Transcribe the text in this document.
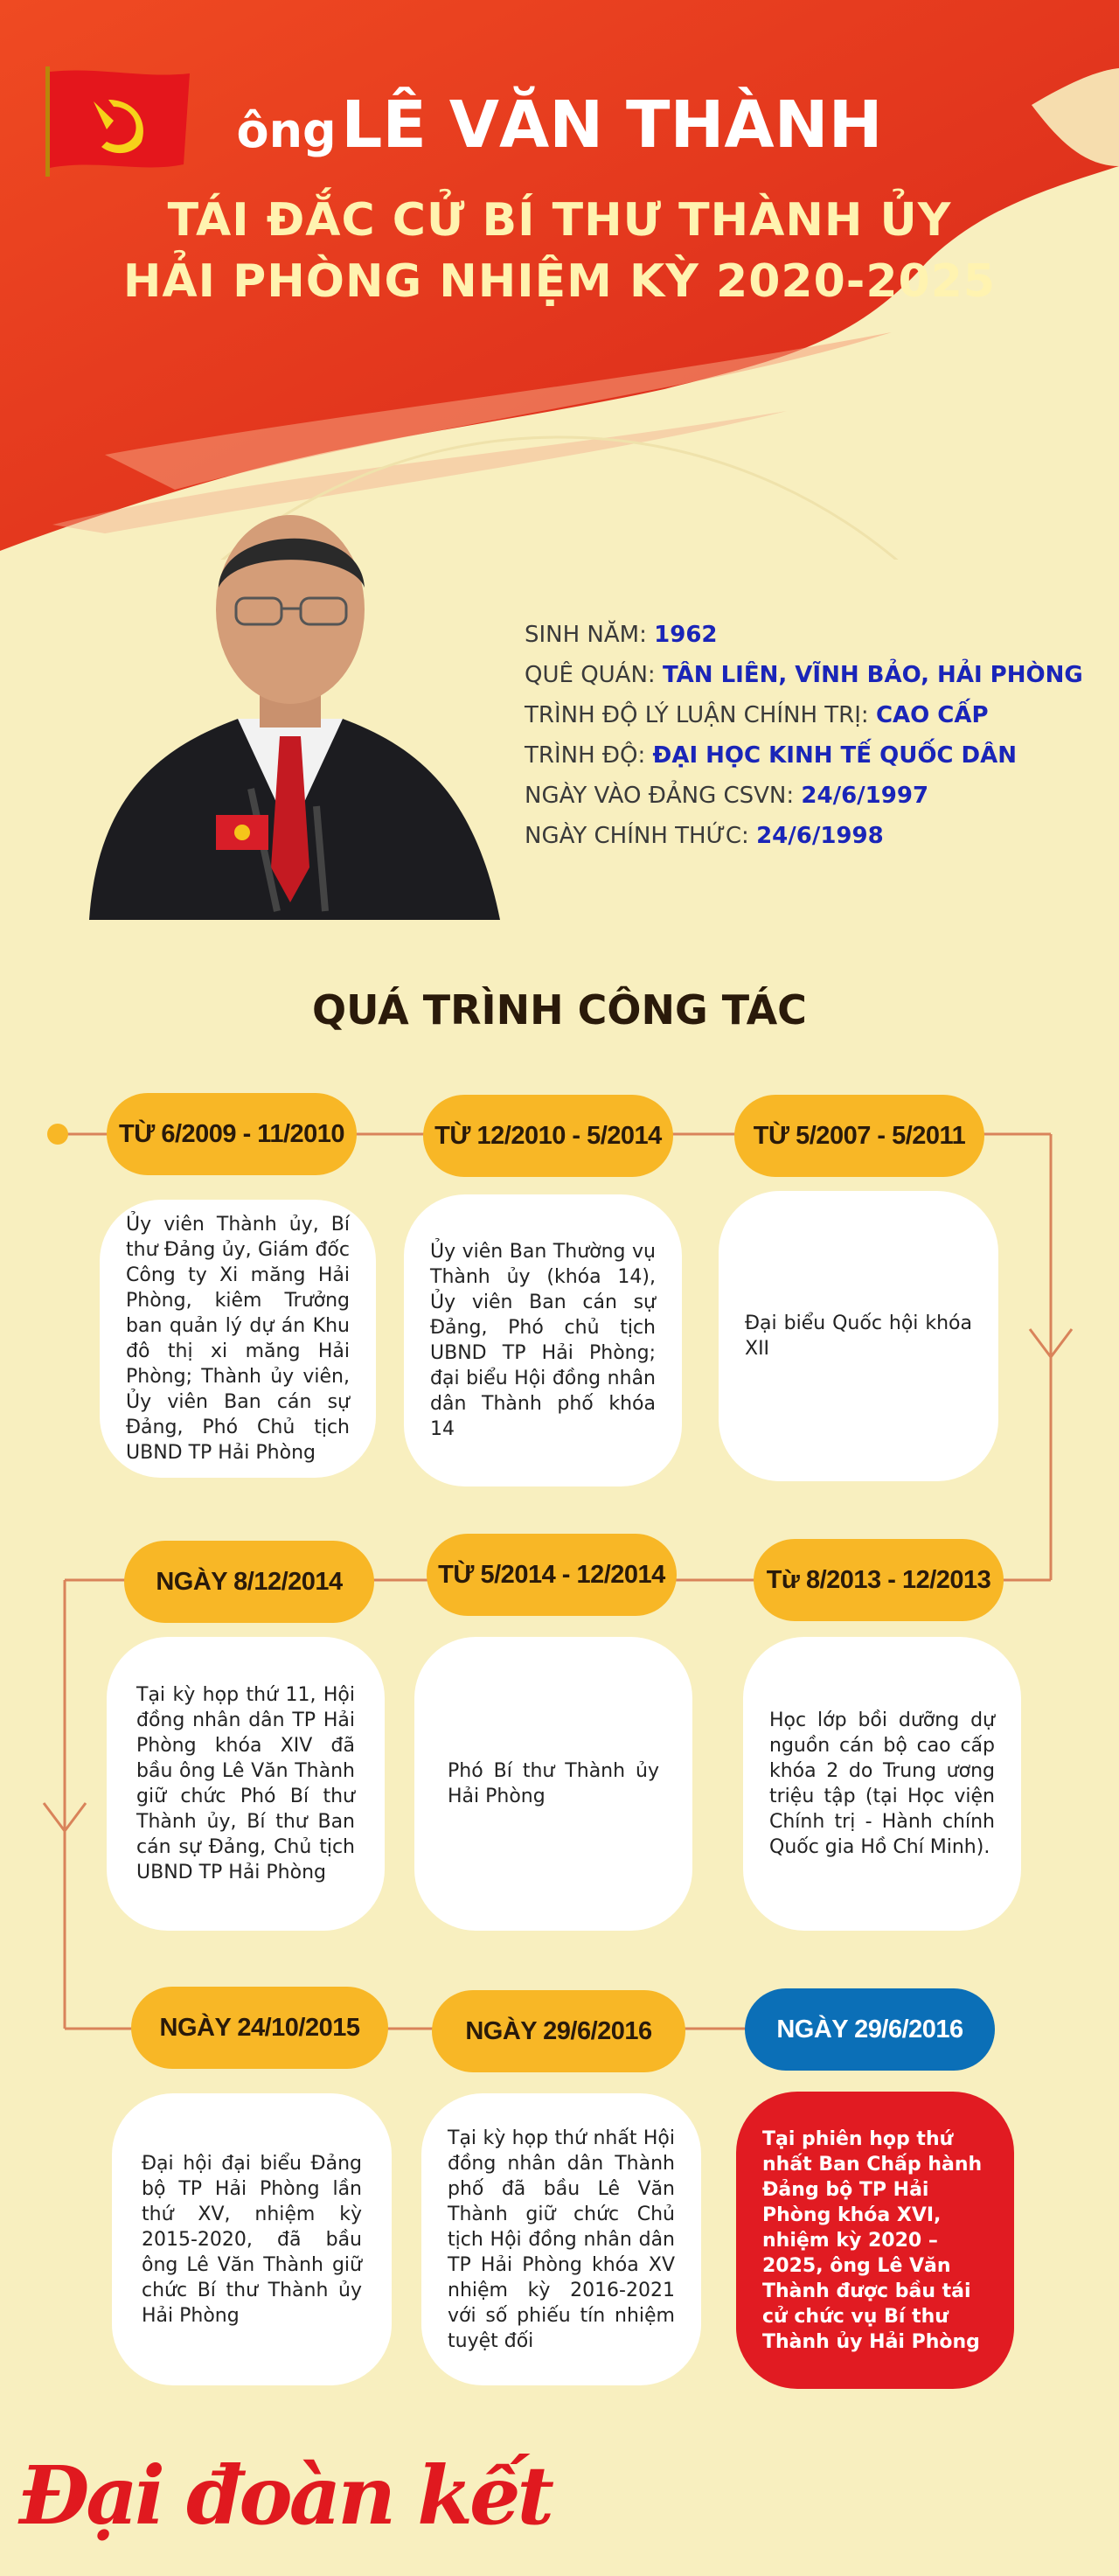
ông LÊ VĂN THÀNH
TÁI ĐẮC CỬ BÍ THƯ THÀNH ỦY
HẢI PHÒNG NHIỆM KỲ 2020-2025
SINH NĂM: 1962
QUÊ QUÁN: TÂN LIÊN, VĨNH BẢO, HẢI PHÒNG
TRÌNH ĐỘ LÝ LUẬN CHÍNH TRỊ: CAO CẤP
TRÌNH ĐỘ: ĐẠI HỌC KINH TẾ QUỐC DÂN
NGÀY VÀO ĐẢNG CSVN: 24/6/1997
NGÀY CHÍNH THỨC: 24/6/1998
QUÁ TRÌNH CÔNG TÁC
TỪ 6/2009 - 11/2010	TỪ 12/2010 - 5/2014	TỪ 5/2007 - 5/2011
Ủy viên Thành ủy, Bí thư Đảng ủy, Giám đốc Công ty Xi măng Hải Phòng, kiêm Trưởng ban quản lý dự án Khu đô thị xi măng Hải Phòng; Thành ủy viên, Ủy viên Ban cán sự Đảng, Phó Chủ tịch UBND TP Hải Phòng
Ủy viên Ban Thường vụ Thành ủy (khóa 14), Ủy viên Ban cán sự Đảng, Phó chủ tịch UBND TP Hải Phòng; đại biểu Hội đồng nhân dân Thành phố khóa 14
Đại biểu Quốc hội khóa XII
NGÀY 8/12/2014	TỪ 5/2014 - 12/2014	Từ 8/2013 - 12/2013
Tại kỳ họp thứ 11, Hội đồng nhân dân TP Hải Phòng khóa XIV đã bầu ông Lê Văn Thành giữ chức Phó Bí thư Thành ủy, Bí thư Ban cán sự Đảng, Chủ tịch UBND TP Hải Phòng
Phó Bí thư Thành ủy Hải Phòng
Học lớp bồi dưỡng dự nguồn cán bộ cao cấp khóa 2 do Trung ương triệu tập (tại Học viện Chính trị - Hành chính Quốc gia Hồ Chí Minh).
NGÀY 24/10/2015	NGÀY 29/6/2016	NGÀY 29/6/2016
Đại hội đại biểu Đảng bộ TP Hải Phòng lần thứ XV, nhiệm kỳ 2015-2020, đã bầu ông Lê Văn Thành giữ chức Bí thư Thành ủy Hải Phòng
Tại kỳ họp thứ nhất Hội đồng nhân dân Thành phố đã bầu Lê Văn Thành giữ chức Chủ tịch Hội đồng nhân dân TP Hải Phòng khóa XV nhiệm kỳ 2016-2021 với số phiếu tín nhiệm tuyệt đối
Tại phiên họp thứ nhất Ban Chấp hành Đảng bộ TP Hải Phòng khóa XVI, nhiệm kỳ 2020 – 2025, ông Lê Văn Thành được bầu tái cử chức vụ Bí thư Thành ủy Hải Phòng
Đại đoàn kết
